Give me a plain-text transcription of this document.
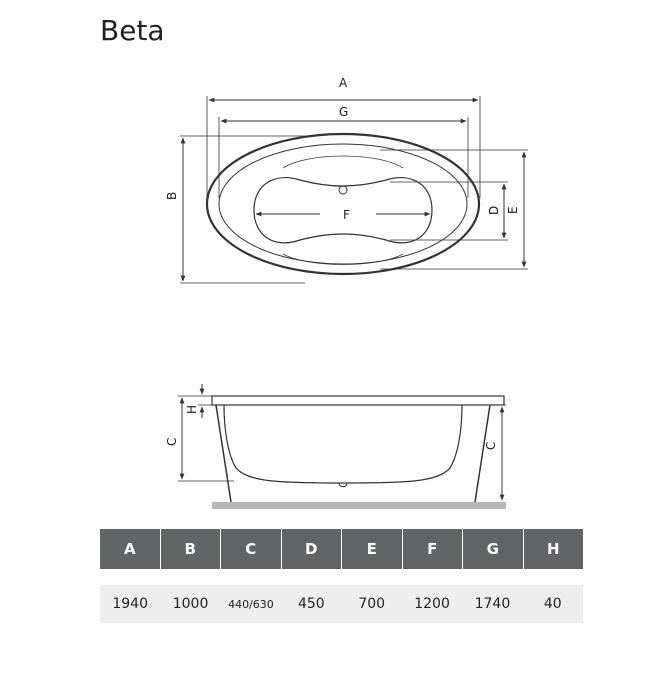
Beta
A
G
F
B
E
D
H
C	C
A	B	C	D	E	F	G	H
1940	1000	440/630	450	700	1200	1740	40
